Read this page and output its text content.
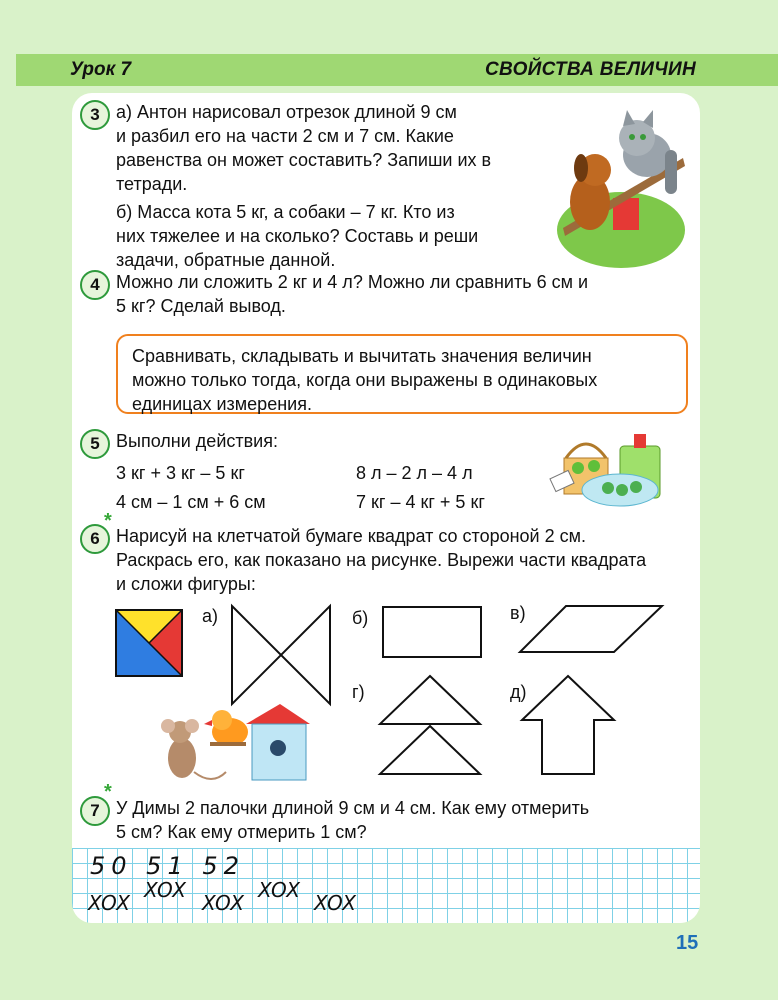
Урок 7	СВОЙСТВА ВЕЛИЧИН
3 а) Антон нарисовал отрезок длиной 9 см

и разбил его на части 2 см и 7 см. Какие

равенства он может составить? Запиши их в

тетради.

б) Масса кота 5 кг, а собаки – 7 кг. Кто из

них тяжелее и на сколько? Составь и реши

задачи, обратные данной.

4 Можно ли сложить 2 кг и 4 л? Можно ли сравнить 6 см и

5 кг? Сделай вывод.

Сравнивать, складывать и вычитать значения величин

можно только тогда, когда они выражены в одинаковых

единицах измерения.

5 Выполни действия:

3 кг + 3 кг – 5 кг	8 л – 2 л – 4 л

4 см – 1 см + 6 см	7 кг – 4 кг + 5 кг

6
*

Нарисуй на клетчатой бумаге квадрат со стороной 2 см.

Раскрась его, как показано на рисунке. Вырежи части квадрата

и сложи фигуры:

а)	б)	в)
г)	д)
7
*

У Димы 2 палочки длиной 9 см и 4 см. Как ему отмерить

5 см? Как ему отмерить 1 см?

50 51 52
XOX
XOX
XOX
XOX
XOX
15
